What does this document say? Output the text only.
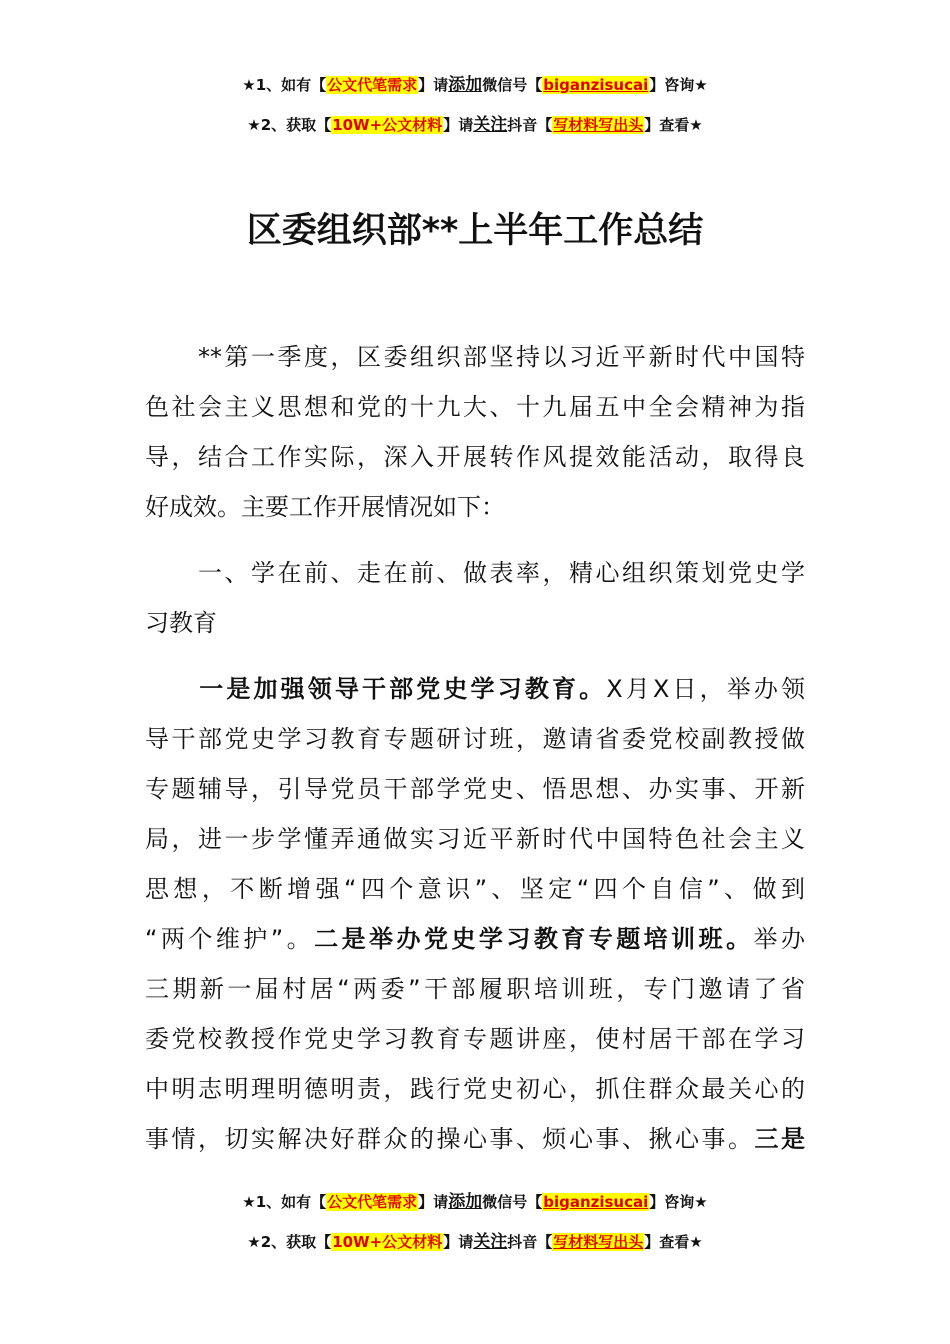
★1、如有【公文代笔需求】请添加微信号【biganzisucai】咨询★
★2、获取【10W+公文材料】请关注抖音【写材料写出头】查看★
区委组织部**上半年工作总结
　　**第一季度，区委组织部坚持以习近平新时代中国特
色社会主义思想和党的十九大、十九届五中全会精神为指
导，结合工作实际，深入开展转作风提效能活动，取得良
好成效。主要工作开展情况如下：
　　一、学在前、走在前、做表率，精心组织策划党史学
习教育
　　一是加强领导干部党史学习教育。X月X日，举办领
导干部党史学习教育专题研讨班，邀请省委党校副教授做
专题辅导，引导党员干部学党史、悟思想、办实事、开新
局，进一步学懂弄通做实习近平新时代中国特色社会主义
思想，不断增强“四个意识”、坚定“四个自信”、做到
“两个维护”。二是举办党史学习教育专题培训班。举办
三期新一届村居“两委”干部履职培训班，专门邀请了省
委党校教授作党史学习教育专题讲座，使村居干部在学习
中明志明理明德明责，践行党史初心，抓住群众最关心的
事情，切实解决好群众的操心事、烦心事、揪心事。三是
★1、如有【公文代笔需求】请添加微信号【biganzisucai】咨询★
★2、获取【10W+公文材料】请关注抖音【写材料写出头】查看★
